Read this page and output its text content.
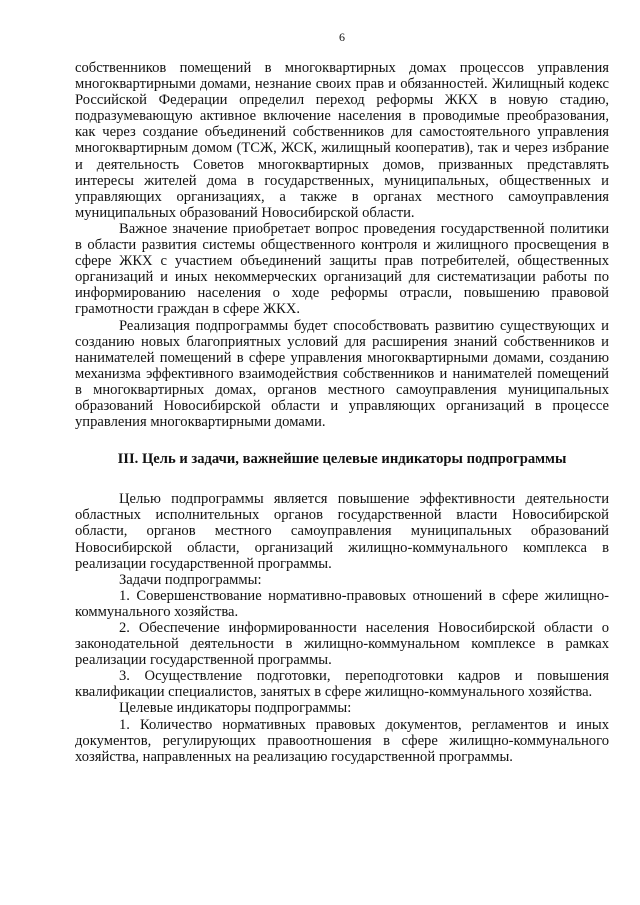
6

собственников помещений в многоквартирных домах процессов управления многоквартирными домами, незнание своих прав и обязанностей. Жилищный кодекс Российской Федерации определил переход реформы ЖКХ в новую стадию, подразумевающую активное включение населения в проводимые преобразования, как через создание объединений собственников для самостоятельного управления многоквартирным домом (ТСЖ, ЖСК, жилищный кооператив), так и через избрание и деятельность Советов многоквартирных домов, призванных представлять интересы жителей дома в государственных, муниципальных, общественных и управляющих организациях, а также в органах местного самоуправления муниципальных образований Новосибирской области.

Важное значение приобретает вопрос проведения государственной политики в области развития системы общественного контроля и жилищного просвещения в сфере ЖКХ с участием объединений защиты прав потребителей, общественных организаций и иных некоммерческих организаций для систематизации работы по информированию населения о ходе реформы отрасли, повышению правовой грамотности граждан в сфере ЖКХ.

Реализация подпрограммы будет способствовать развитию существующих и созданию новых благоприятных условий для расширения знаний собственников и нанимателей помещений в сфере управления многоквартирными домами, созданию механизма эффективного взаимодействия собственников и нанимателей помещений в многоквартирных домах, органов местного самоуправления муниципальных образований Новосибирской области и управляющих организаций в процессе управления многоквартирными домами.

III. Цель и задачи, важнейшие целевые индикаторы подпрограммы

Целью подпрограммы является повышение эффективности деятельности областных исполнительных органов государственной власти Новосибирской области, органов местного самоуправления муниципальных образований Новосибирской области, организаций жилищно-коммунального комплекса в реализации государственной программы.

Задачи подпрограммы:

1. Совершенствование нормативно-правовых отношений в сфере жилищно-коммунального хозяйства.

2. Обеспечение информированности населения Новосибирской области о законодательной деятельности в жилищно-коммунальном комплексе в рамках реализации государственной программы.

3. Осуществление подготовки, переподготовки кадров и повышения квалификации специалистов, занятых в сфере жилищно-коммунального хозяйства.

Целевые индикаторы подпрограммы:

1. Количество нормативных правовых документов, регламентов и иных документов, регулирующих правоотношения в сфере жилищно-коммунального хозяйства, направленных на реализацию государственной программы.
